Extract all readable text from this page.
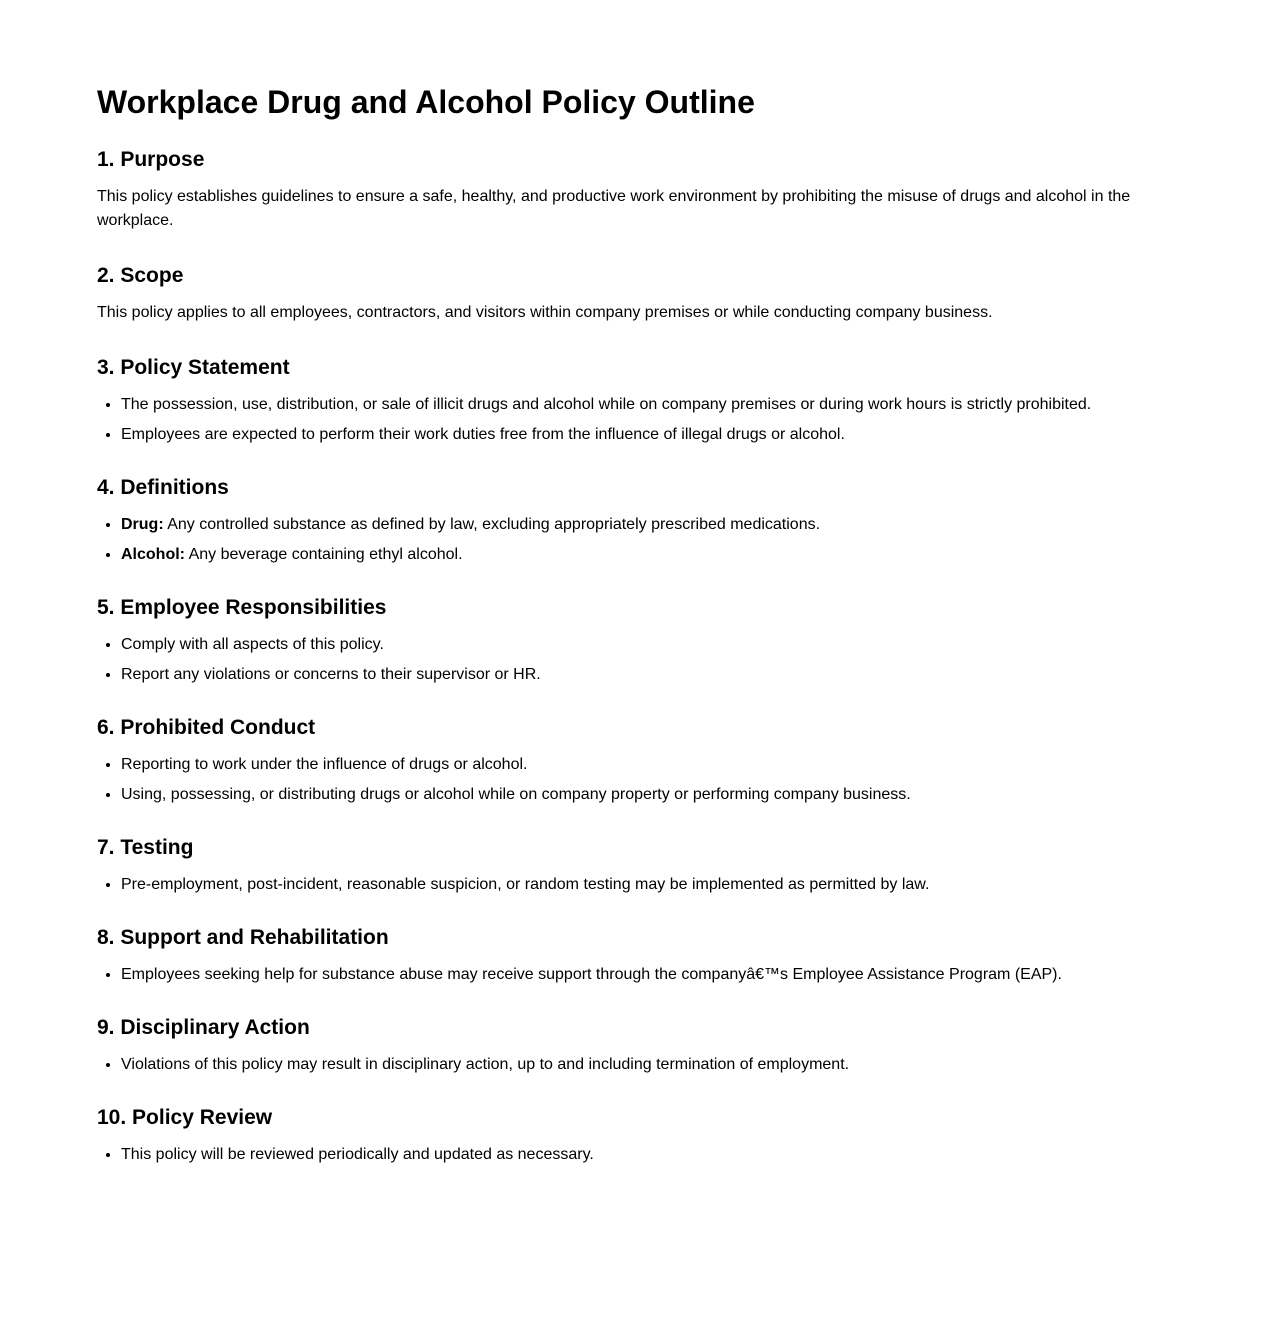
Workplace Drug and Alcohol Policy Outline
1. Purpose

This policy establishes guidelines to ensure a safe, healthy, and productive work environment by prohibiting the misuse of drugs and alcohol in the workplace.

2. Scope

This policy applies to all employees, contractors, and visitors within company premises or while conducting company business.

3. Policy Statement
• The possession, use, distribution, or sale of illicit drugs and alcohol while on company premises or during work hours is strictly prohibited.
• Employees are expected to perform their work duties free from the influence of illegal drugs or alcohol.
4. Definitions
• Drug: Any controlled substance as defined by law, excluding appropriately prescribed medications.
• Alcohol: Any beverage containing ethyl alcohol.
5. Employee Responsibilities
• Comply with all aspects of this policy.
• Report any violations or concerns to their supervisor or HR.
6. Prohibited Conduct
• Reporting to work under the influence of drugs or alcohol.
• Using, possessing, or distributing drugs or alcohol while on company property or performing company business.
7. Testing
• Pre-employment, post-incident, reasonable suspicion, or random testing may be implemented as permitted by law.
8. Support and Rehabilitation
• Employees seeking help for substance abuse may receive support through the companyâ€™s Employee Assistance Program (EAP).
9. Disciplinary Action
• Violations of this policy may result in disciplinary action, up to and including termination of employment.
10. Policy Review
• This policy will be reviewed periodically and updated as necessary.
